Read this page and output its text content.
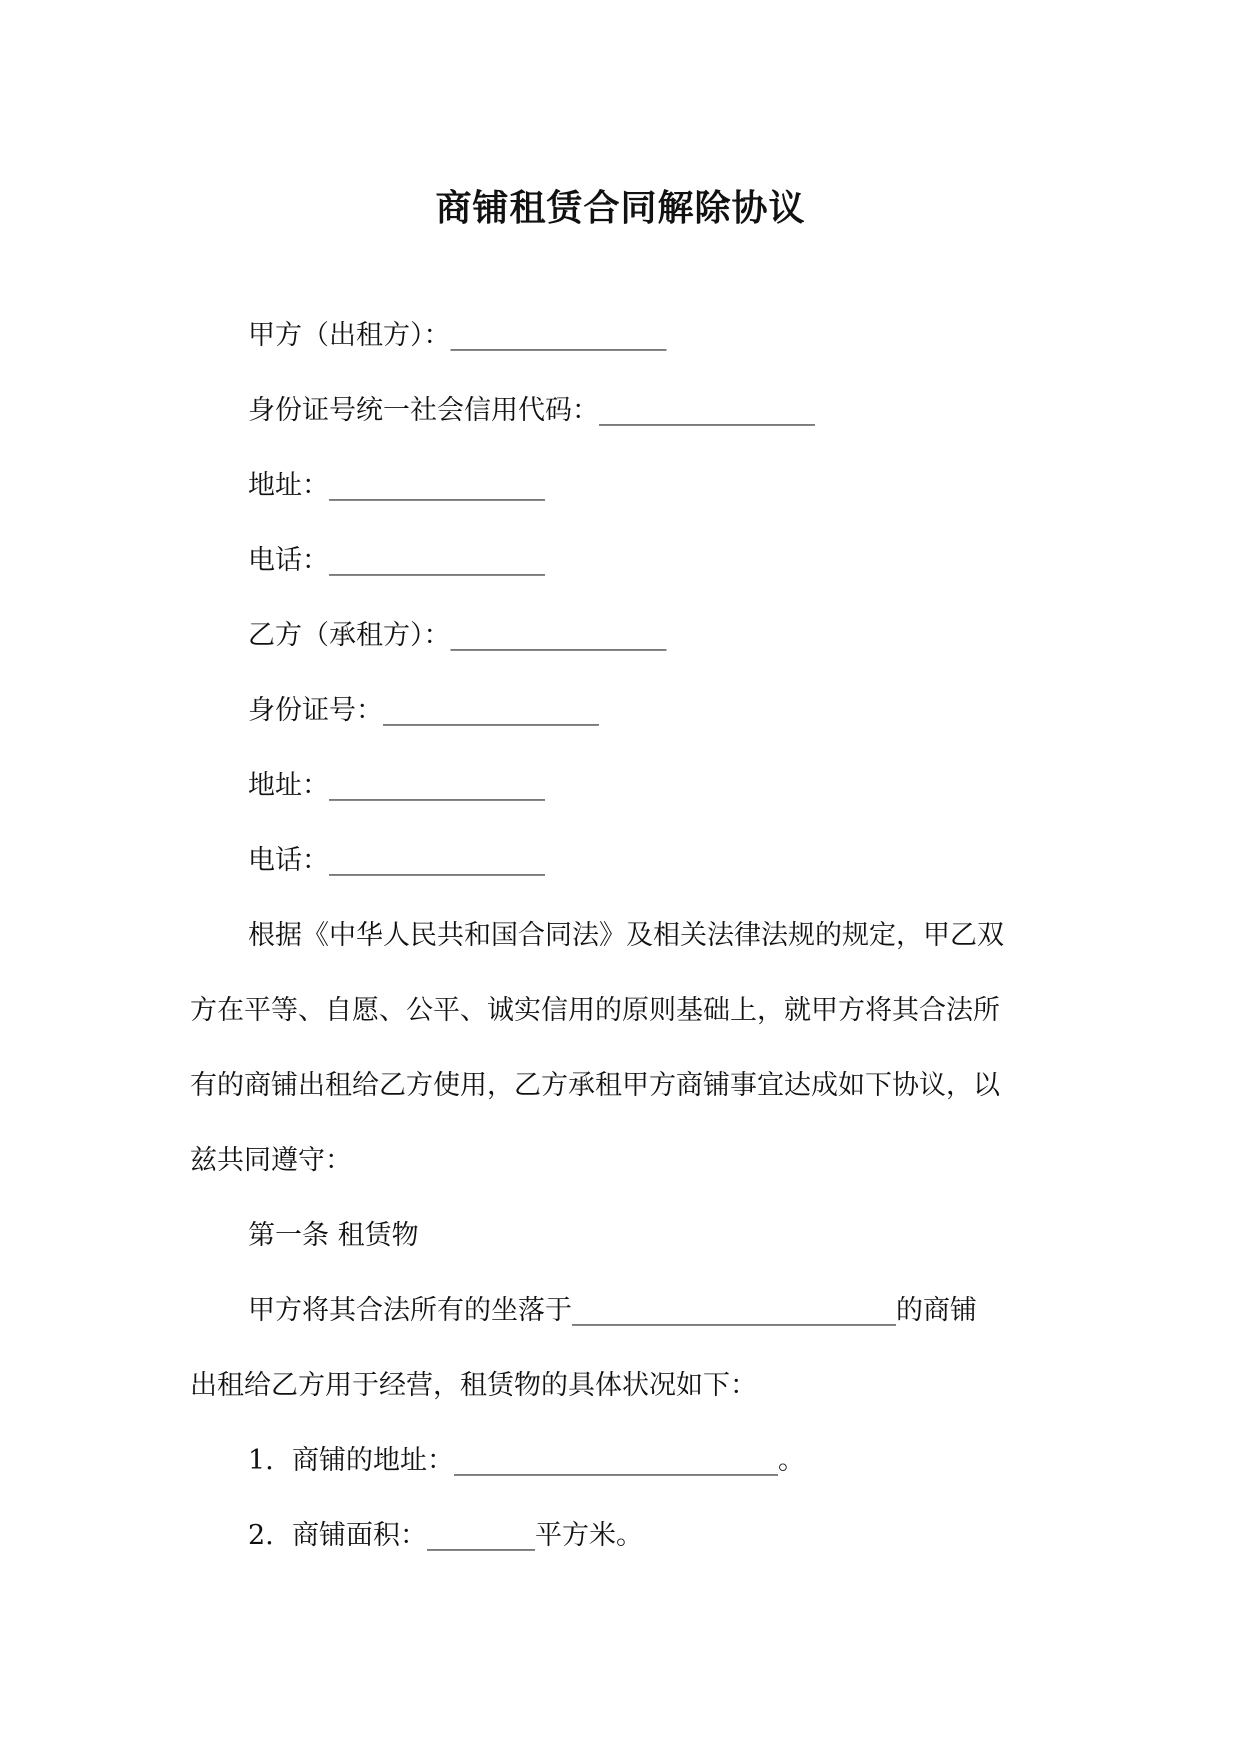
商铺租赁合同解除协议
甲方（出租方）：________________
身份证号统一社会信用代码：________________
地址：________________
电话：________________
乙方（承租方）：________________
身份证号：________________
地址：________________
电话：________________
根据《中华人民共和国合同法》及相关法律法规的规定，甲乙双
方在平等、自愿、公平、诚实信用的原则基础上，就甲方将其合法所
有的商铺出租给乙方使用，乙方承租甲方商铺事宜达成如下协议，以
兹共同遵守：
第一条 租赁物
甲方将其合法所有的坐落于________________________的商铺
出租给乙方用于经营，租赁物的具体状况如下：
1. 商铺的地址：________________________。
2. 商铺面积：________平方米。
